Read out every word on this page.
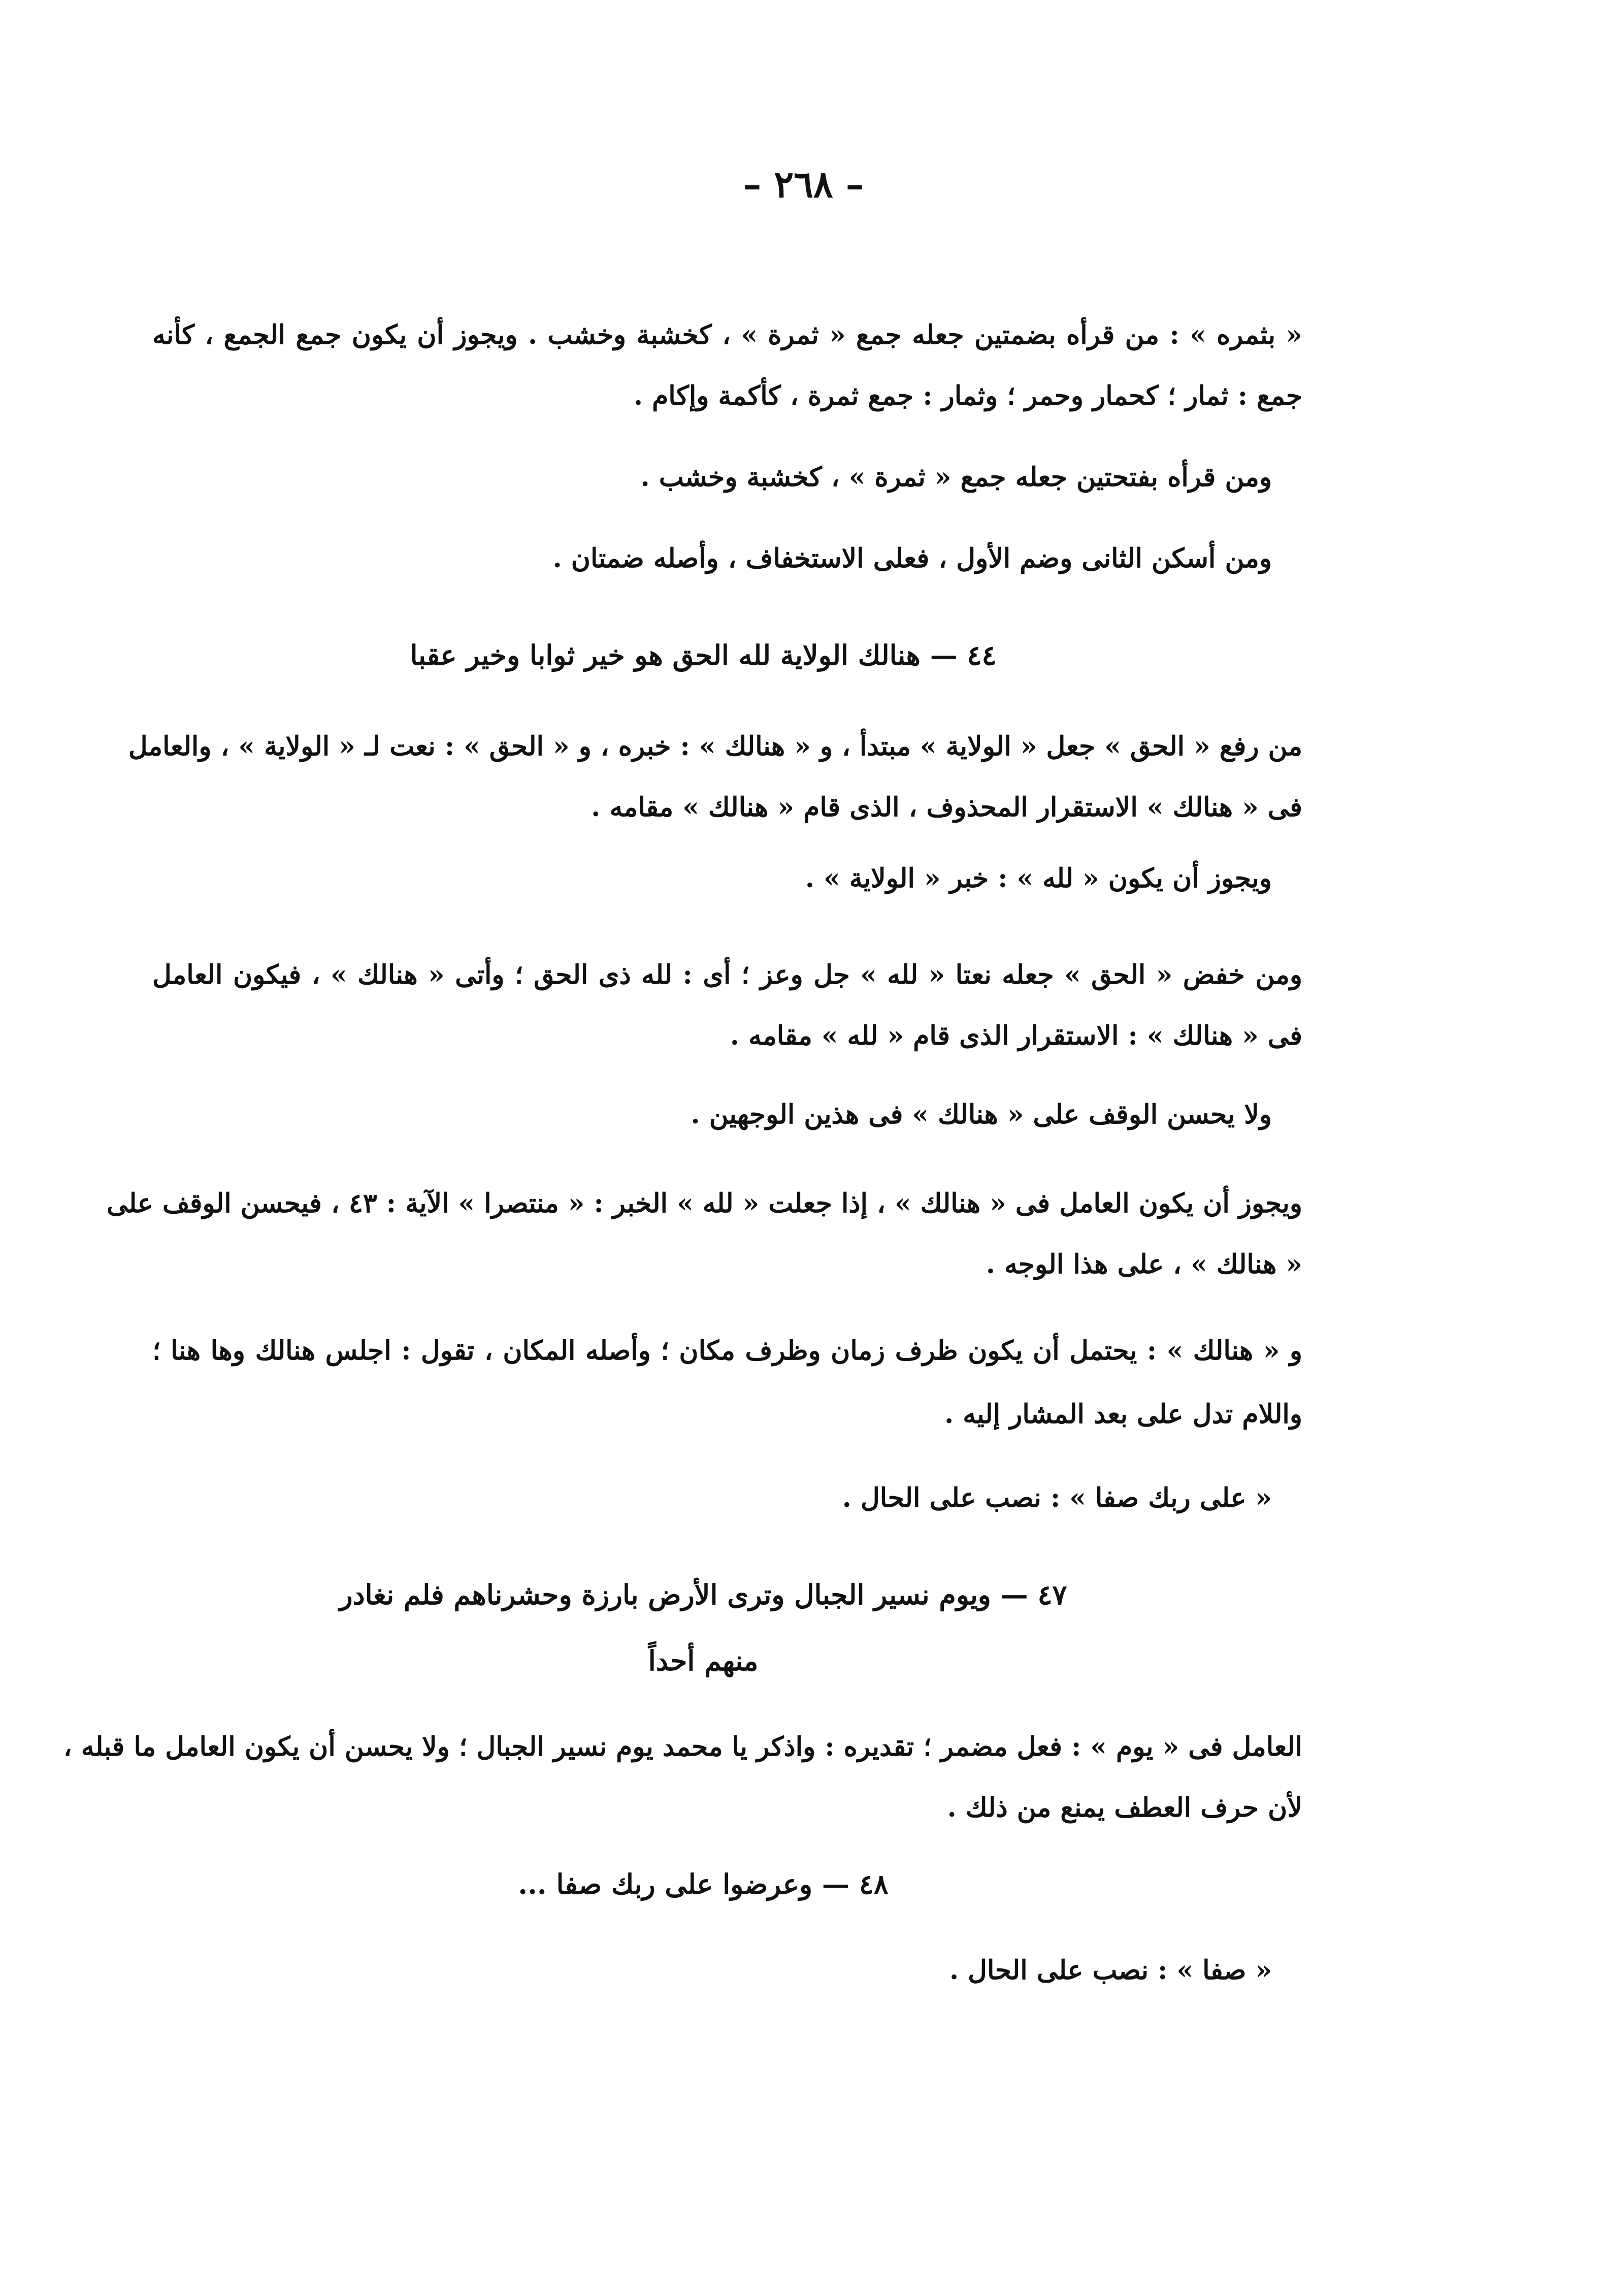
– ٢٦٨ –
« بثمره » : من قرأه بضمتين جعله جمع « ثمرة » ، كخشبة وخشب . ويجوز أن يكون جمع الجمع ، كأنه
جمع : ثمار ؛ كحمار وحمر ؛ وثمار : جمع ثمرة ، كأكمة وإكام .
ومن قرأه بفتحتين جعله جمع « ثمرة » ، كخشبة وخشب .
ومن أسكن الثانى وضم الأول ، فعلى الاستخفاف ، وأصله ضمتان .
٤٤ — هنالك الولاية لله الحق هو خير ثوابا وخير عقبا
من رفع « الحق » جعل « الولاية » مبتدأ ، و « هنالك » : خبره ، و « الحق » : نعت لـ « الولاية » ، والعامل
فى « هنالك » الاستقرار المحذوف ، الذى قام « هنالك » مقامه .
ويجوز أن يكون « لله » : خبر « الولاية » .
ومن خفض « الحق » جعله نعتا « لله » جل وعز ؛ أى : لله ذى الحق ؛ وأتى « هنالك » ، فيكون العامل
فى « هنالك » : الاستقرار الذى قام « لله » مقامه .
ولا يحسن الوقف على « هنالك » فى هذين الوجهين .
ويجوز أن يكون العامل فى « هنالك » ، إذا جعلت « لله » الخبر : « منتصرا » الآية : ٤٣ ، فيحسن الوقف على
« هنالك » ، على هذا الوجه .
و « هنالك » : يحتمل أن يكون ظرف زمان وظرف مكان ؛ وأصله المكان ، تقول : اجلس هنالك وها هنا ؛
واللام تدل على بعد المشار إليه .
« على ربك صفا » : نصب على الحال .
٤٧ — ويوم نسير الجبال وترى الأرض بارزة وحشرناهم فلم نغادر
منهم أحداً
العامل فى « يوم » : فعل مضمر ؛ تقديره : واذكر يا محمد يوم نسير الجبال ؛ ولا يحسن أن يكون العامل ما قبله ،
لأن حرف العطف يمنع من ذلك .
٤٨ — وعرضوا على ربك صفا ...
« صفا » : نصب على الحال .
